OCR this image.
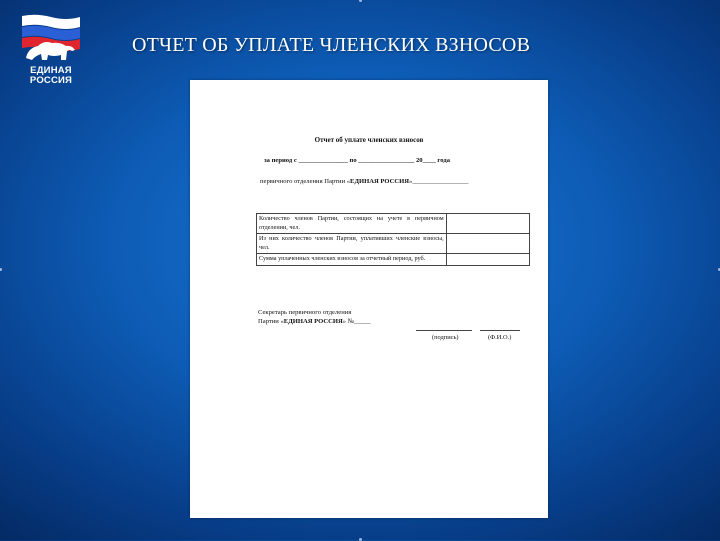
ЕДИНАЯ
РОССИЯ
ОТЧЕТ ОБ УПЛАТЕ ЧЛЕНСКИХ ВЗНОСОВ
Отчет об уплате членских взносов
за период с _______________ по _________________ 20____ года
первичного отделения Партии «ЕДИНАЯ РОССИЯ»_________________
Количество членов Партии, состоящих на учете в первичном отделении, чел.	
Из них количество членов Партии, уплативших членские взносы, чел.	
Сумма уплаченных членских взносов за отчетный период, руб.	
Секретарь первичного отделения
Партии «ЕДИНАЯ РОССИЯ» №_____
(подпись)	(Ф.И.О.)
